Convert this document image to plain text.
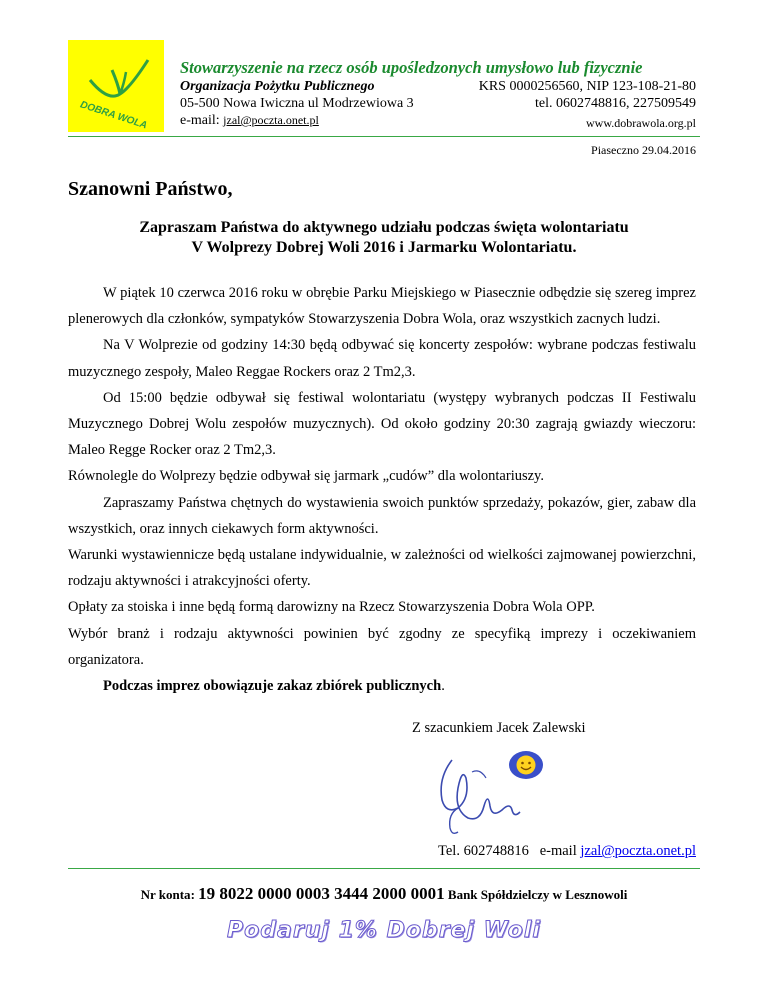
DOBRA WOLA
Stowarzyszenie na rzecz osób upośledzonych umysłowo lub fizycznie
Organizacja Pożytku Publicznego	KRS 0000256560, NIP 123-108-21-80
05-500 Nowa Iwiczna ul Modrzewiowa 3	tel. 0602748816, 227509549
e-mail: jzal@poczta.onet.pl	www.dobrawola.org.pl
Piaseczno 29.04.2016
Szanowni Państwo,
Zapraszam Państwa do aktywnego udziału podczas święta wolontariatu
V Wolprezy Dobrej Woli 2016 i Jarmarku Wolontariatu.

W piątek 10 czerwca 2016 roku w obrębie Parku Miejskiego w Piasecznie odbędzie się szereg imprez plenerowych dla członków, sympatyków Stowarzyszenia Dobra Wola, oraz wszystkich zacnych ludzi.

Na V Wolprezie od godziny 14:30 będą odbywać się koncerty zespołów: wybrane podczas festiwalu muzycznego zespoły, Maleo Reggae Rockers oraz 2 Tm2,3.

Od 15:00 będzie odbywał się festiwal wolontariatu (występy wybranych podczas II Festiwalu Muzycznego Dobrej Wolu zespołów muzycznych). Od około godziny 20:30 zagrają gwiazdy wieczoru: Maleo Regge Rocker oraz 2 Tm2,3.

Równolegle do Wolprezy będzie odbywał się jarmark „cudów” dla wolontariuszy.

Zapraszamy Państwa chętnych do wystawienia swoich punktów sprzedaży, pokazów, gier, zabaw dla wszystkich, oraz innych ciekawych form aktywności.

Warunki wystawiennicze będą ustalane indywidualnie, w zależności od wielkości zajmowanej powierzchni, rodzaju aktywności i atrakcyjności oferty.

Opłaty za stoiska i inne będą formą darowizny na Rzecz Stowarzyszenia Dobra Wola OPP.

Wybór branż i rodzaju aktywności powinien być zgodny ze specyfiką imprezy i oczekiwaniem organizatora.

Podczas imprez obowiązuje zakaz zbiórek publicznych.

Z szacunkiem Jacek Zalewski
Tel. 602748816 e-mail jzal@poczta.onet.pl
Nr konta: 19 8022 0000 0003 3444 2000 0001 Bank Spółdzielczy w Lesznowoli
Podaruj 1% Dobrej Woli
